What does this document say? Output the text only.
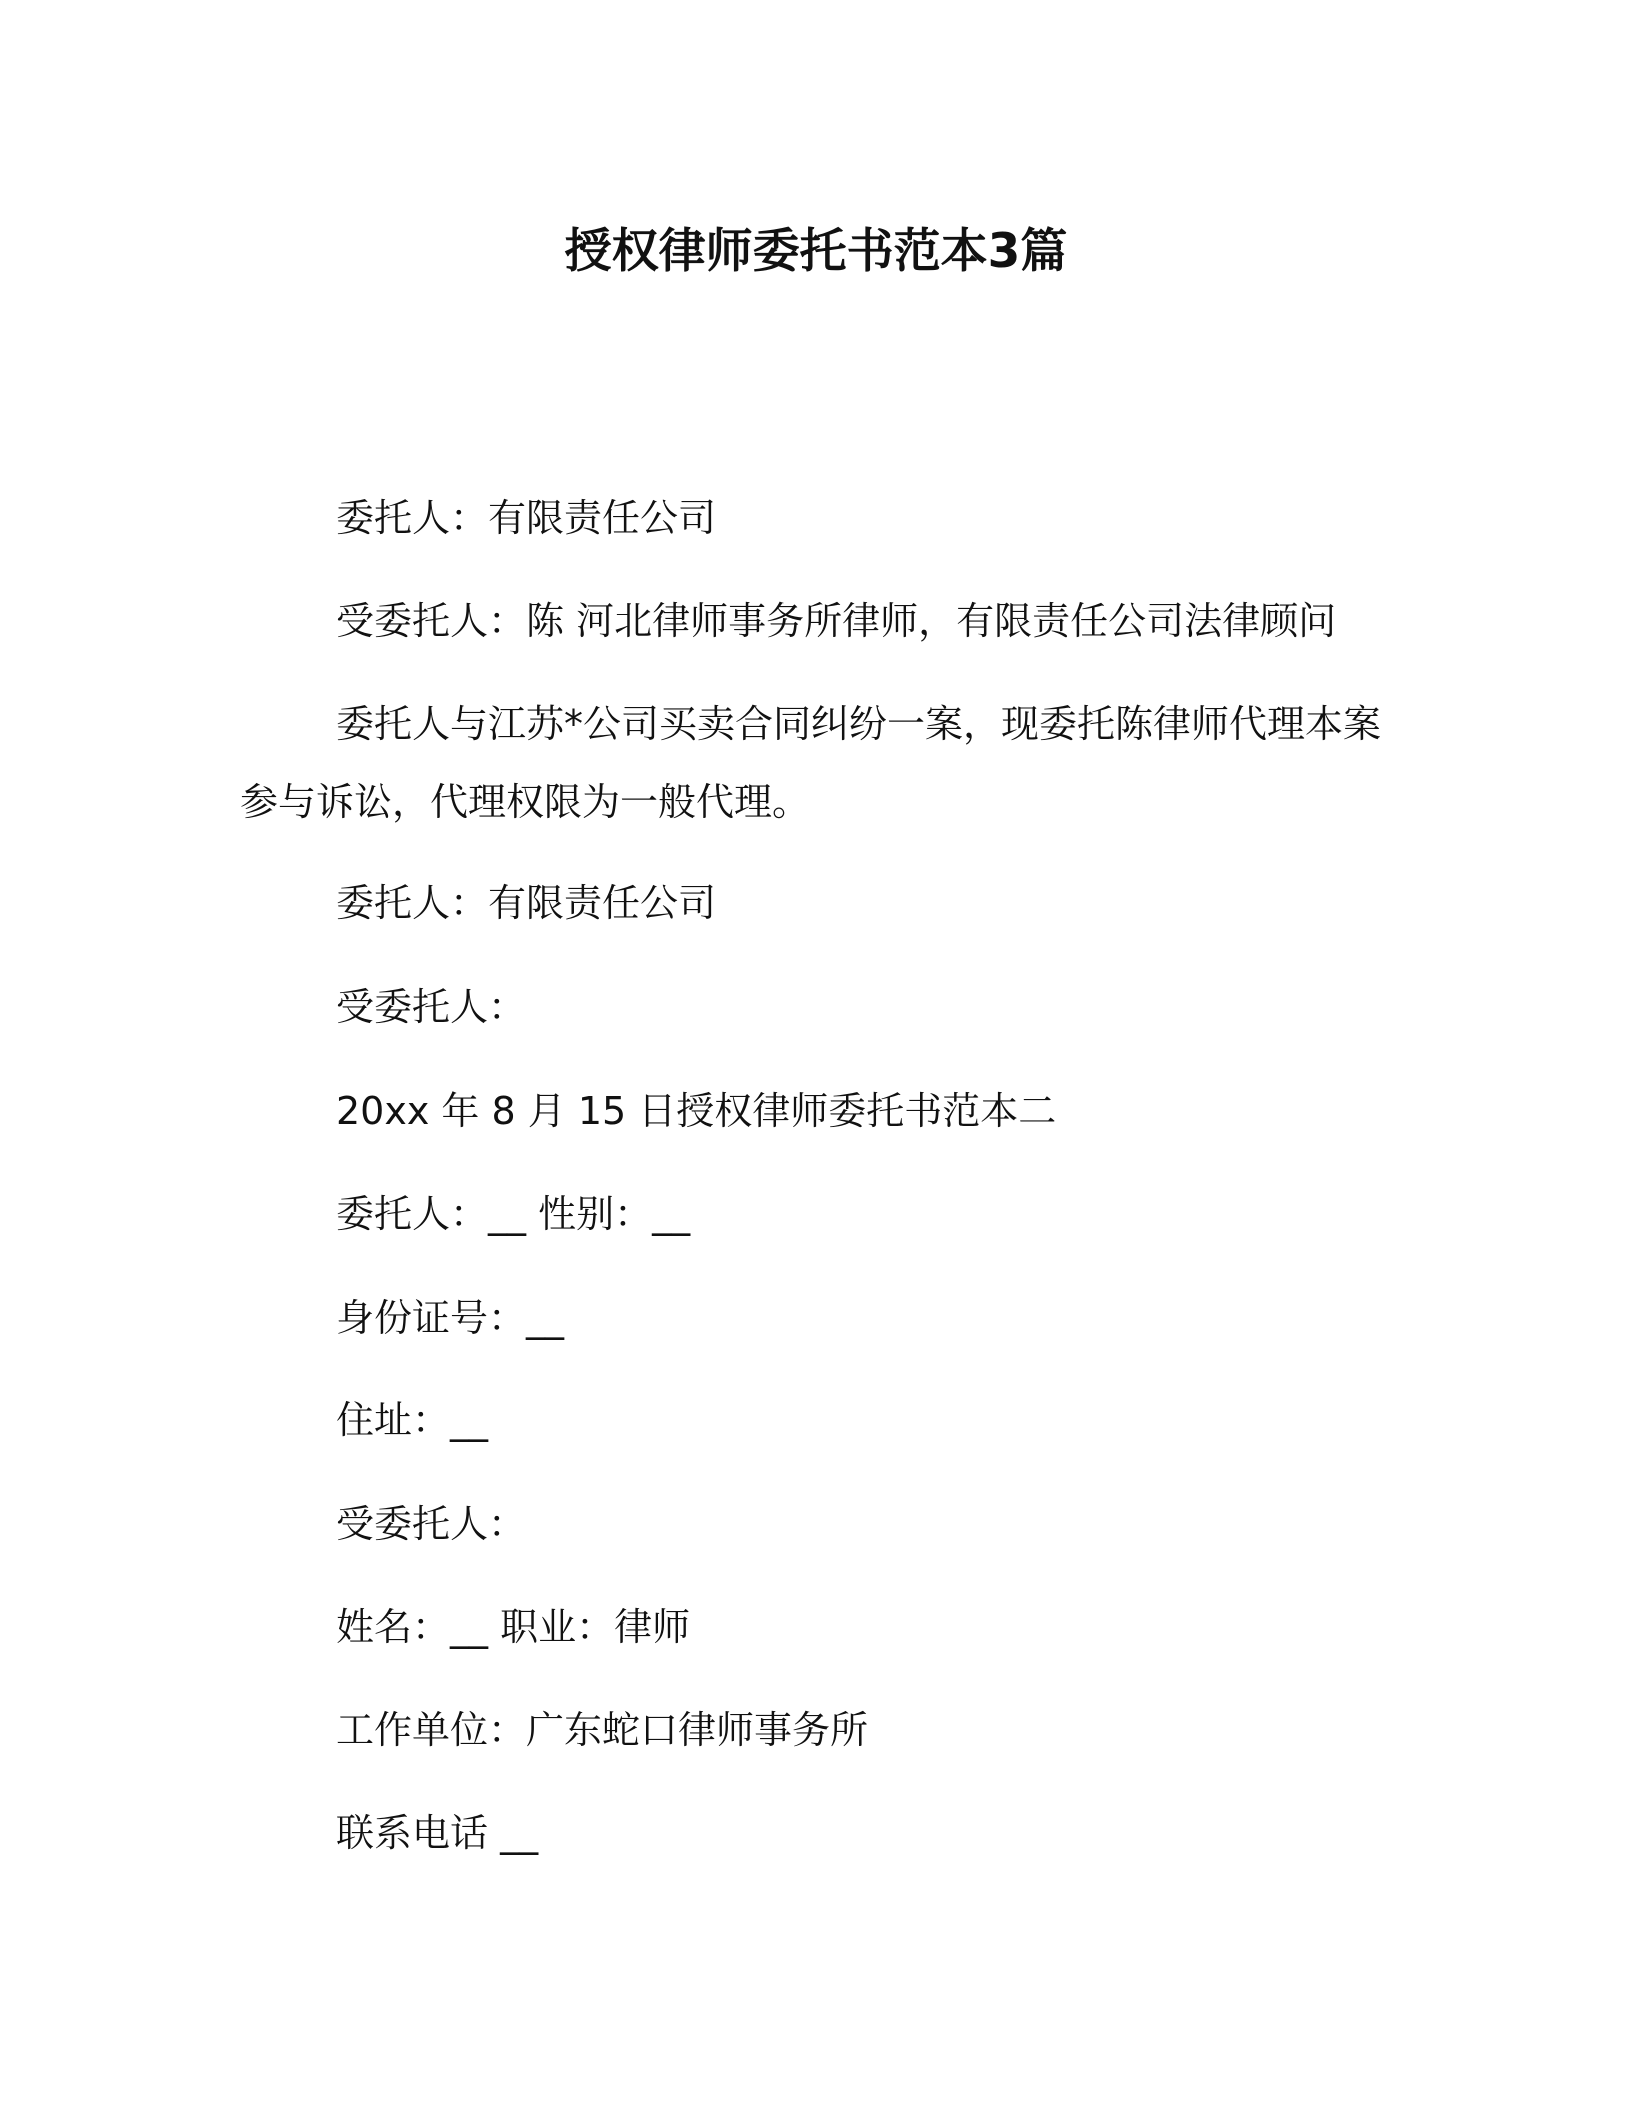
授权律师委托书范本3篇
委托人：有限责任公司
受委托人：陈 河北律师事务所律师，有限责任公司法律顾问
委托人与江苏*公司买卖合同纠纷一案，现委托陈律师代理本案参与诉讼，代理权限为一般代理。
委托人：有限责任公司
受委托人：
20xx 年 8 月 15 日授权律师委托书范本二
委托人：__ 性别：__
身份证号：__
住址：__
受委托人：
姓名：__ 职业：律师
工作单位：广东蛇口律师事务所
联系电话 __
